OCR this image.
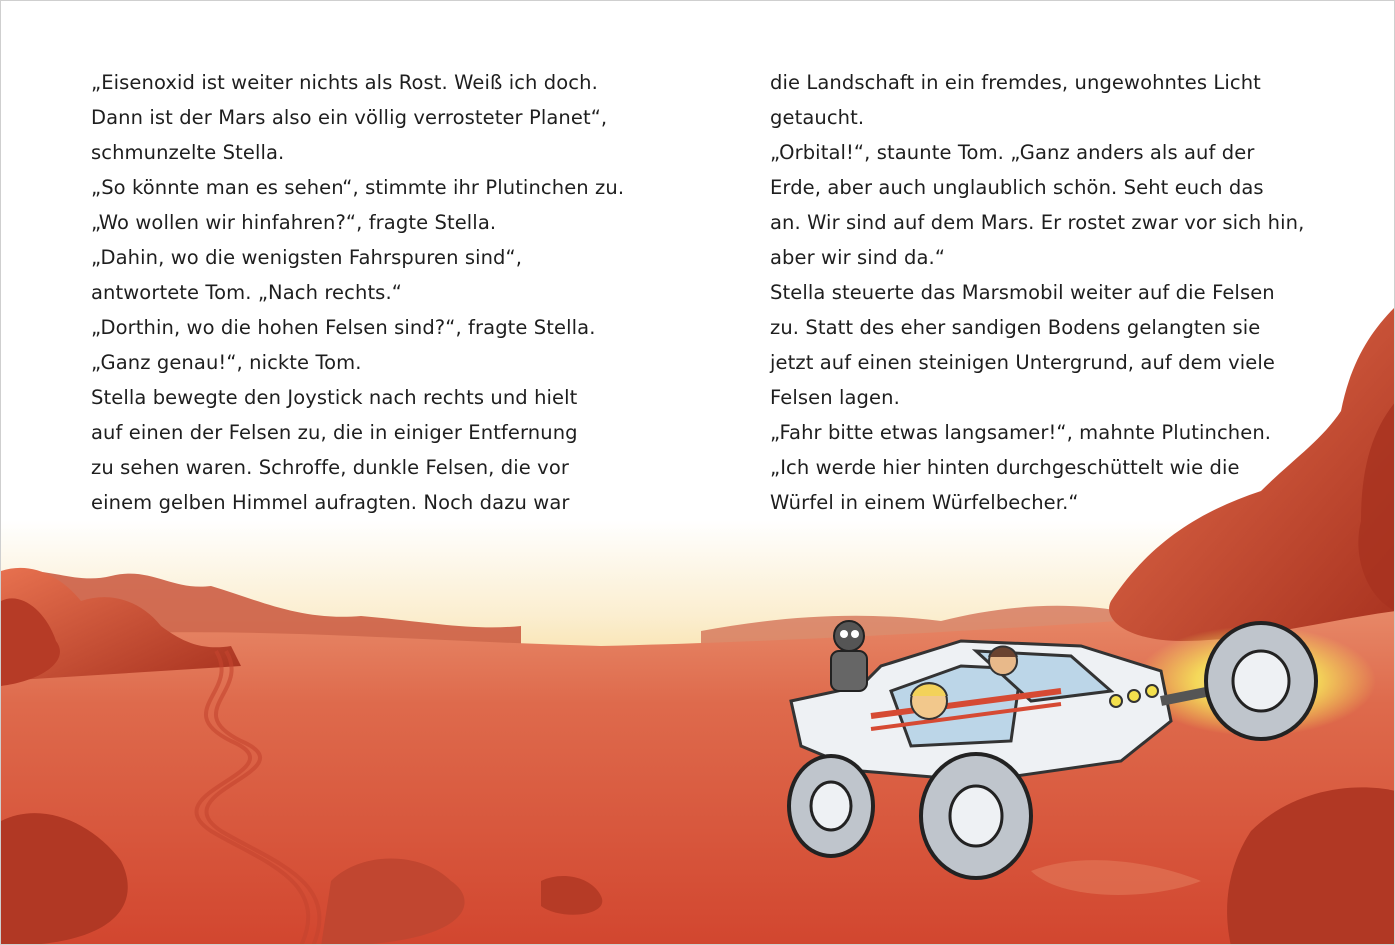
„Eisenoxid ist weiter nichts als Rost. Weiß ich doch.
Dann ist der Mars also ein völlig verrosteter Planet“,
schmunzelte Stella.
„So könnte man es sehen“, stimmte ihr Plutinchen zu.
„Wo wollen wir hinfahren?“, fragte Stella.
„Dahin, wo die wenigsten Fahrspuren sind“,
antwortete Tom. „Nach rechts.“
„Dorthin, wo die hohen Felsen sind?“, fragte Stella.
„Ganz genau!“, nickte Tom.
Stella bewegte den Joystick nach rechts und hielt
auf einen der Felsen zu, die in einiger Entfernung
zu sehen waren. Schroffe, dunkle Felsen, die vor
einem gelben Himmel aufragten. Noch dazu war
die Landschaft in ein fremdes, ungewohntes Licht
getaucht.
„Orbital!“, staunte Tom. „Ganz anders als auf der
Erde, aber auch unglaublich schön. Seht euch das
an. Wir sind auf dem Mars. Er rostet zwar vor sich hin,
aber wir sind da.“
Stella steuerte das Marsmobil weiter auf die Felsen
zu. Statt des eher sandigen Bodens gelangten sie
jetzt auf einen steinigen Untergrund, auf dem viele
Felsen lagen.
„Fahr bitte etwas langsamer!“, mahnte Plutinchen.
„Ich werde hier hinten durchgeschüttelt wie die
Würfel in einem Würfelbecher.“
